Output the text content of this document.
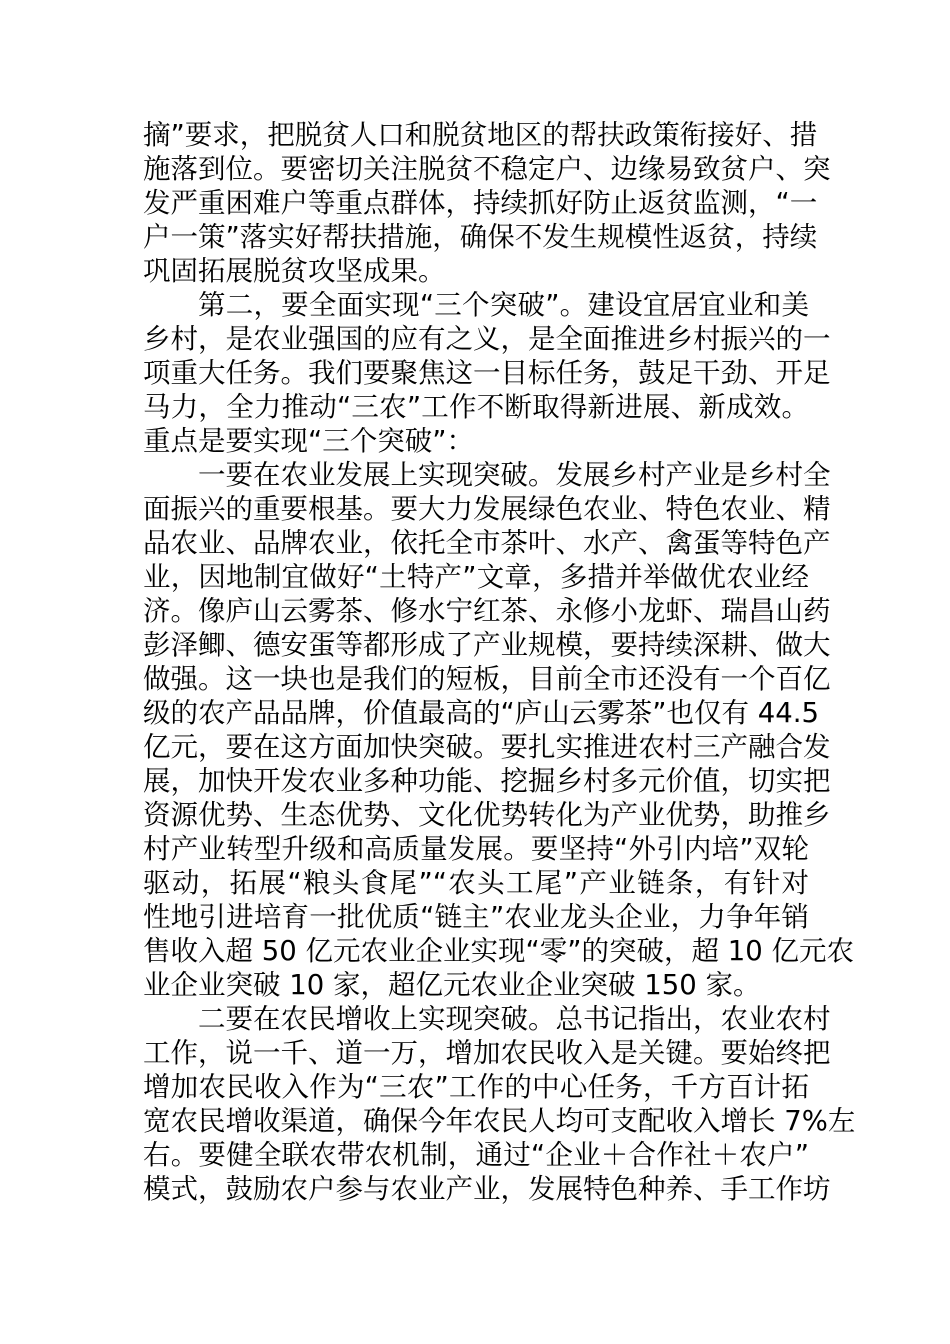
摘”要求，把脱贫人口和脱贫地区的帮扶政策衔接好、措
施落到位。要密切关注脱贫不稳定户、边缘易致贫户、突
发严重困难户等重点群体，持续抓好防止返贫监测，“一
户一策”落实好帮扶措施，确保不发生规模性返贫，持续
巩固拓展脱贫攻坚成果。
第二，要全面实现“三个突破”。建设宜居宜业和美
乡村，是农业强国的应有之义，是全面推进乡村振兴的一
项重大任务。我们要聚焦这一目标任务，鼓足干劲、开足
马力，全力推动“三农”工作不断取得新进展、新成效。
重点是要实现“三个突破”：
一要在农业发展上实现突破。发展乡村产业是乡村全
面振兴的重要根基。要大力发展绿色农业、特色农业、精
品农业、品牌农业，依托全市茶叶、水产、禽蛋等特色产
业，因地制宜做好“土特产”文章，多措并举做优农业经
济。像庐山云雾茶、修水宁红茶、永修小龙虾、瑞昌山药
彭泽鲫、德安蛋等都形成了产业规模，要持续深耕、做大
做强。这一块也是我们的短板，目前全市还没有一个百亿
级的农产品品牌，价值最高的“庐山云雾茶”也仅有 44.5
亿元，要在这方面加快突破。要扎实推进农村三产融合发
展，加快开发农业多种功能、挖掘乡村多元价值，切实把
资源优势、生态优势、文化优势转化为产业优势，助推乡
村产业转型升级和高质量发展。要坚持“外引内培”双轮
驱动，拓展“粮头食尾”“农头工尾”产业链条，有针对
性地引进培育一批优质“链主”农业龙头企业，力争年销
售收入超 50 亿元农业企业实现“零”的突破，超 10 亿元农
业企业突破 10 家，超亿元农业企业突破 150 家。
二要在农民增收上实现突破。总书记指出，农业农村
工作，说一千、道一万，增加农民收入是关键。要始终把
增加农民收入作为“三农”工作的中心任务，千方百计拓
宽农民增收渠道，确保今年农民人均可支配收入增长 7%左
右。要健全联农带农机制，通过“企业＋合作社＋农户”
模式，鼓励农户参与农业产业，发展特色种养、手工作坊
